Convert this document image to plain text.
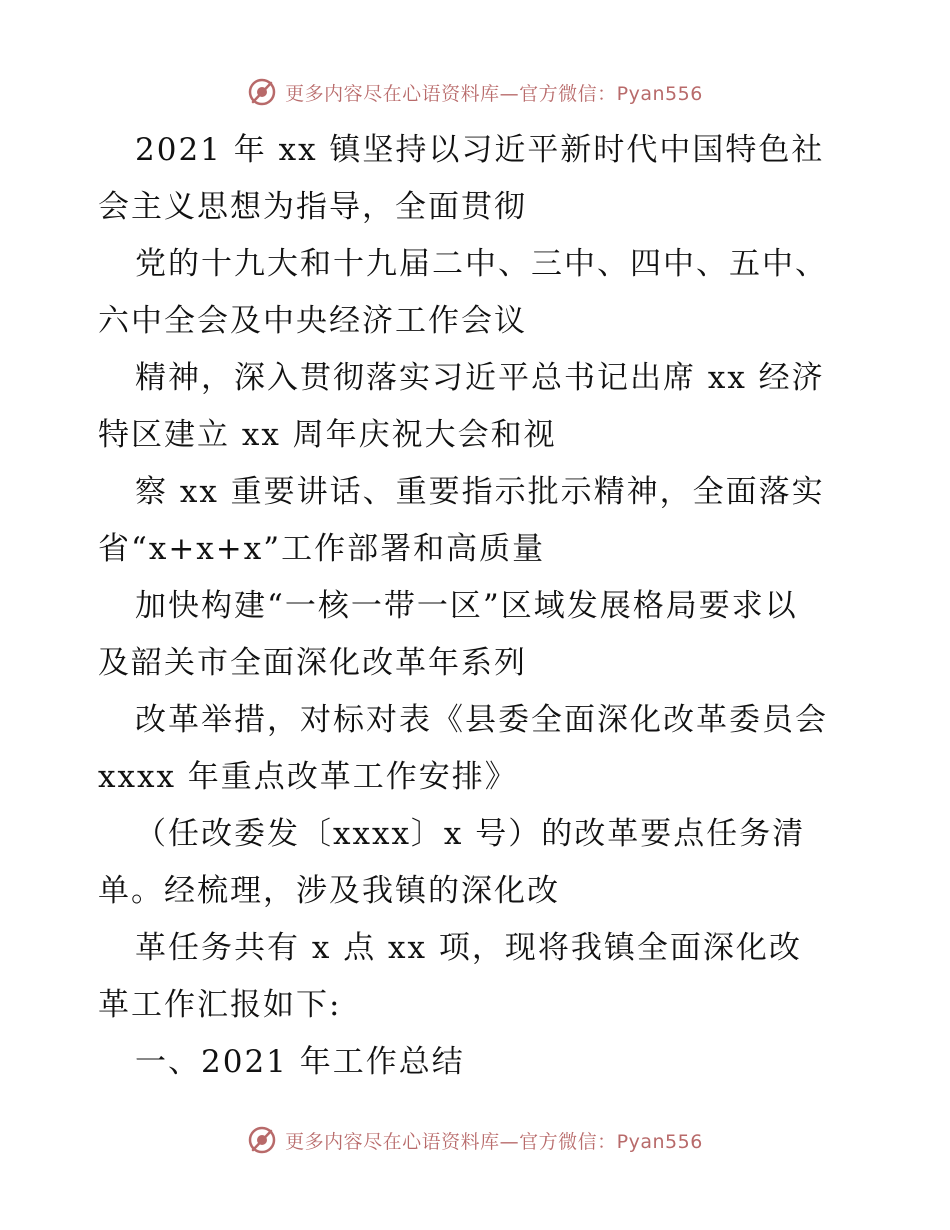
更多内容尽在心语资料库—官方微信：Pyan556
2021 年 xx 镇坚持以习近平新时代中国特色社
会主义思想为指导，全面贯彻
党的十九大和十九届二中、三中、四中、五中、
六中全会及中央经济工作会议
精神，深入贯彻落实习近平总书记出席 xx 经济
特区建立 xx 周年庆祝大会和视
察 xx 重要讲话、重要指示批示精神，全面落实
省“x+x+x”工作部署和高质量
加快构建“一核一带一区”区域发展格局要求以
及韶关市全面深化改革年系列
改革举措，对标对表《县委全面深化改革委员会
xxxx 年重点改革工作安排》
（任改委发〔xxxx〕x 号）的改革要点任务清
单。经梳理，涉及我镇的深化改
革任务共有 x 点 xx 项，现将我镇全面深化改
革工作汇报如下:
一、2021 年工作总结
更多内容尽在心语资料库—官方微信：Pyan556
